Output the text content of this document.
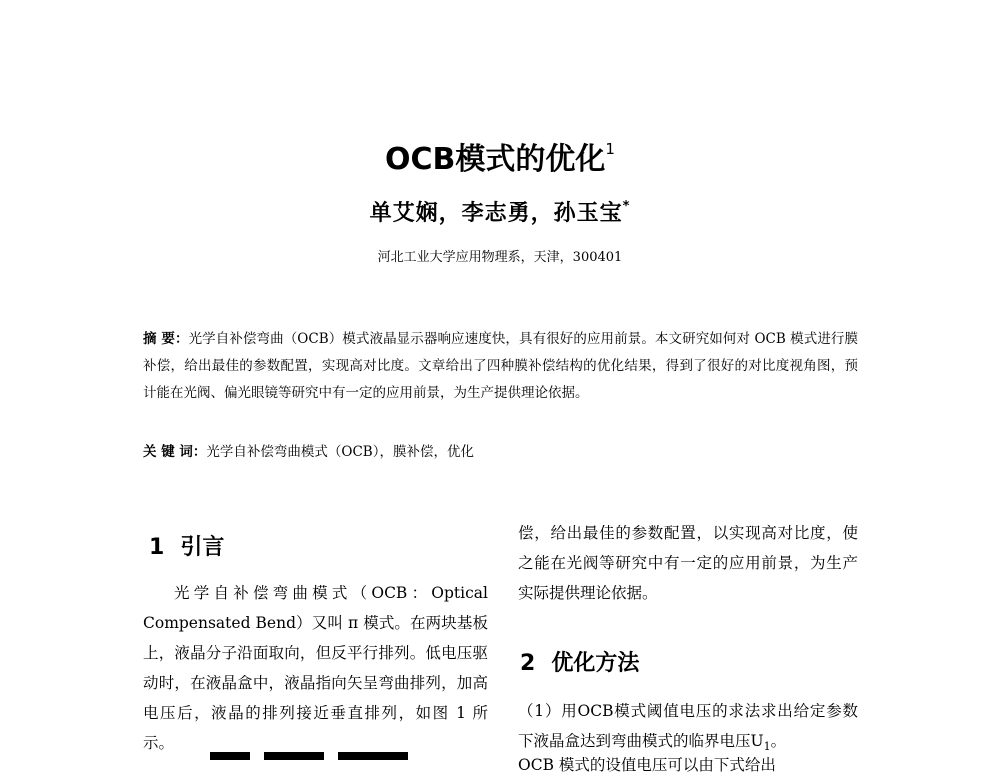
OCB模式的优化$^1$
单艾娴，李志勇，孙玉宝*
河北工业大学应用物理系，天津，300401
摘 要：光学自补偿弯曲（OCB）模式液晶显示器响应速度快，具有很好的应用前景。本文研究如何对 OCB 模式进行膜补偿，给出最佳的参数配置，实现高对比度。文章给出了四种膜补偿结构的优化结果，得到了很好的对比度视角图，预计能在光阀、偏光眼镜等研究中有一定的应用前景，为生产提供理论依据。
关 键 词：光学自补偿弯曲模式（OCB），膜补偿，优化
1 引言

光学自补偿弯曲模式（OCB：Optical Compensated Bend）又叫 π 模式。在两块基板上，液晶分子沿面取向，但反平行排列。低电压驱动时，在液晶盒中，液晶指向矢呈弯曲排列，加高电压后，液晶的排列接近垂直排列，如图 1 所示。

偿，给出最佳的参数配置，以实现高对比度，使之能在光阀等研究中有一定的应用前景，为生产实际提供理论依据。

2 优化方法

（1）用OCB模式阈值电压的求法求出给定参数下液晶盒达到弯曲模式的临界电压$U_1$。

OCB 模式的设值电压可以由下式给出
